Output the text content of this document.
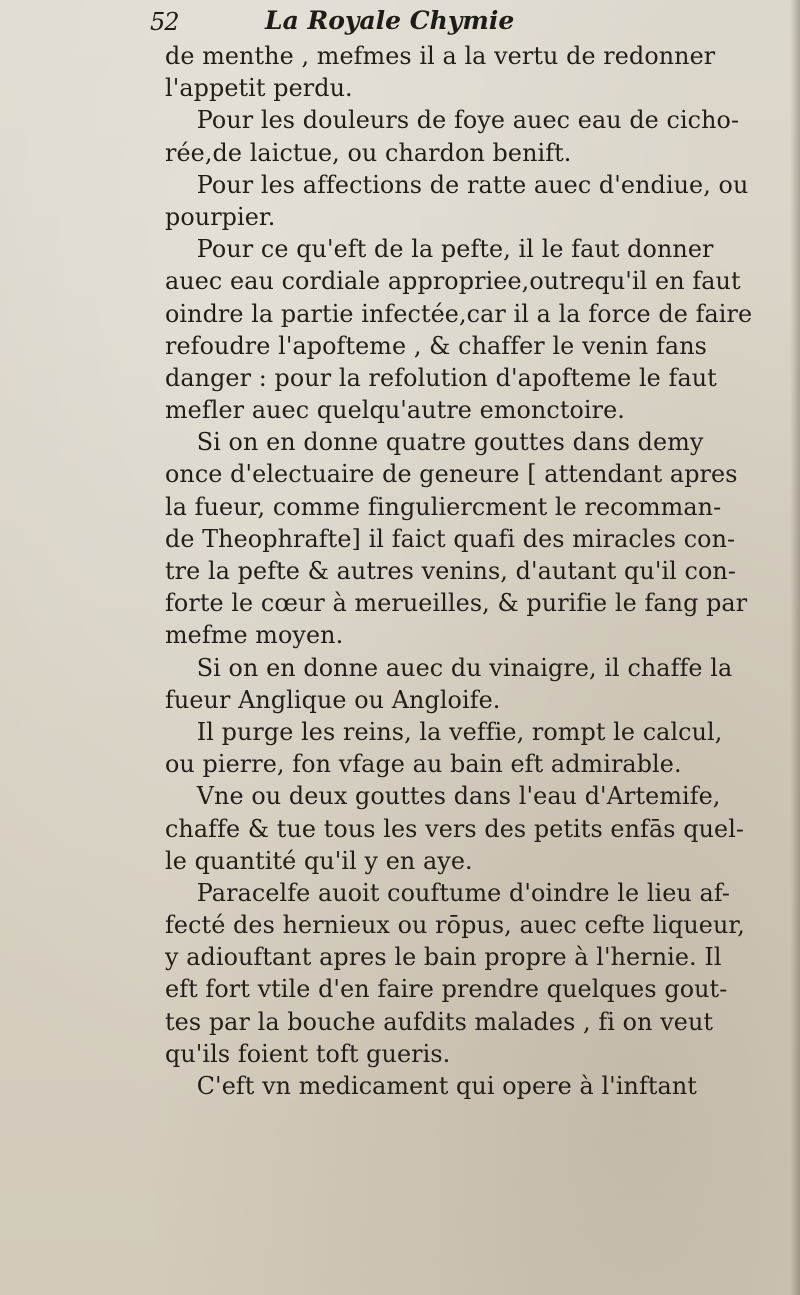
52	La Royale Chymie
de menthe , mefmes il a la vertu de redonner
l'appetit perdu.
Pour les douleurs de foye auec eau de cicho-
rée,de laictue, ou chardon benift.
Pour les affections de ratte auec d'endiue, ou
pourpier.
Pour ce qu'eft de la pefte, il le faut donner
auec eau cordiale appropriee,outrequ'il en faut
oindre la partie infectée,car il a la force de faire
refoudre l'apofteme , & chaffer le venin fans
danger : pour la refolution d'apofteme le faut
mefler auec quelqu'autre emonctoire.
Si on en donne quatre gouttes dans demy
once d'electuaire de geneure [ attendant apres
la fueur, comme finguliercment le recomman-
de Theophrafte] il faict quafi des miracles con-
tre la pefte & autres venins, d'autant qu'il con-
forte le cœur à merueilles, & purifie le fang par
mefme moyen.
Si on en donne auec du vinaigre, il chaffe la
fueur Anglique ou Angloife.
Il purge les reins, la veffie, rompt le calcul,
ou pierre, fon vfage au bain eft admirable.
Vne ou deux gouttes dans l'eau d'Artemife,
chaffe & tue tous les vers des petits enfās quel-
le quantité qu'il y en aye.
Paracelfe auoit couftume d'oindre le lieu af-
fecté des hernieux ou rōpus, auec cefte liqueur,
y adiouftant apres le bain propre à l'hernie. Il
eft fort vtile d'en faire prendre quelques gout-
tes par la bouche aufdits malades , fi on veut
qu'ils foient toft gueris.
C'eft vn medicament qui opere à l'inftant
